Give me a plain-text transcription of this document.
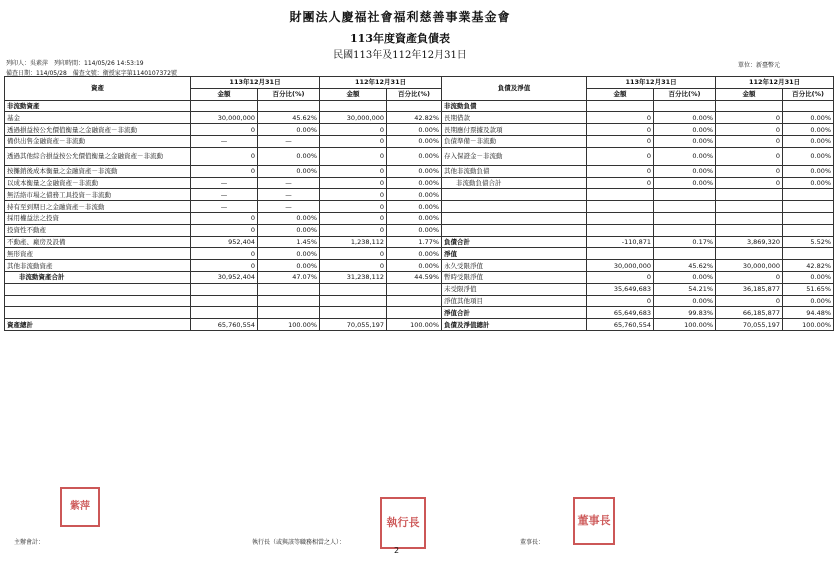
財團法人慶福社會福利慈善事業基金會
113年度資產負債表
民國113年及112年12月31日
列印人：吳素萍　列印時間：114/05/26 14:53:19
備查日期：114/05/28　備查文號：衛授家字第1140107372號
單位：新臺幣元
資產	113年12月31日		112年12月31日		負債及淨值	113年12月31日		112年12月31日	
	金額	百分比(%)	金額	百分比(%)		金額	百分比(%)	金額	百分比(%)
非流動資產					非流動負債				
基金	30,000,000	45.62%	30,000,000	42.82%	長期借款	0	0.00%	0	0.00%
透過損益按公允價值衡量之金融資產－非流動	0	0.00%	0	0.00%	長期應付票據及款項	0	0.00%	0	0.00%
備供出售金融資產－非流動	—	—	0	0.00%	負債準備－非流動	0	0.00%	0	0.00%
透過其他綜合損益按公允價值衡量之金融資產－非流動	0	0.00%	0	0.00%	存入保證金－非流動	0	0.00%	0	0.00%
按攤銷後成本衡量之金融資產－非流動	0	0.00%	0	0.00%	其他非流動負債	0	0.00%	0	0.00%
以成本衡量之金融資產－非流動	—	—	0	0.00%	非流動負債合計	0	0.00%	0	0.00%
無活絡市場之債務工具投資－非流動	—	—	0	0.00%					
持有至到期日之金融資產－非流動	—	—	0	0.00%					
採用權益法之投資	0	0.00%	0	0.00%					
投資性不動產	0	0.00%	0	0.00%					
不動產、廠房及設備	952,404	1.45%	1,238,112	1.77%	負債合計	-110,871	0.17%	3,869,320	5.52%
無形資產	0	0.00%	0	0.00%	淨值				
其他非流動資產	0	0.00%	0	0.00%	永久受限淨值	30,000,000	45.62%	30,000,000	42.82%
非流動資產合計	30,952,404	47.07%	31,238,112	44.59%	暫時受限淨值	0	0.00%	0	0.00%
					未受限淨值	35,649,683	54.21%	36,185,877	51.65%
					淨值其他項目	0	0.00%	0	0.00%
					淨值合計	65,649,683	99.83%	66,185,877	94.48%
資產總計	65,760,554	100.00%	70,055,197	100.00%	負債及淨值總計	65,760,554	100.00%	70,055,197	100.00%
紫萍
執行長	董事長
主辦會計：	執行長（或與該等職務相當之人）：	董事長：
2
